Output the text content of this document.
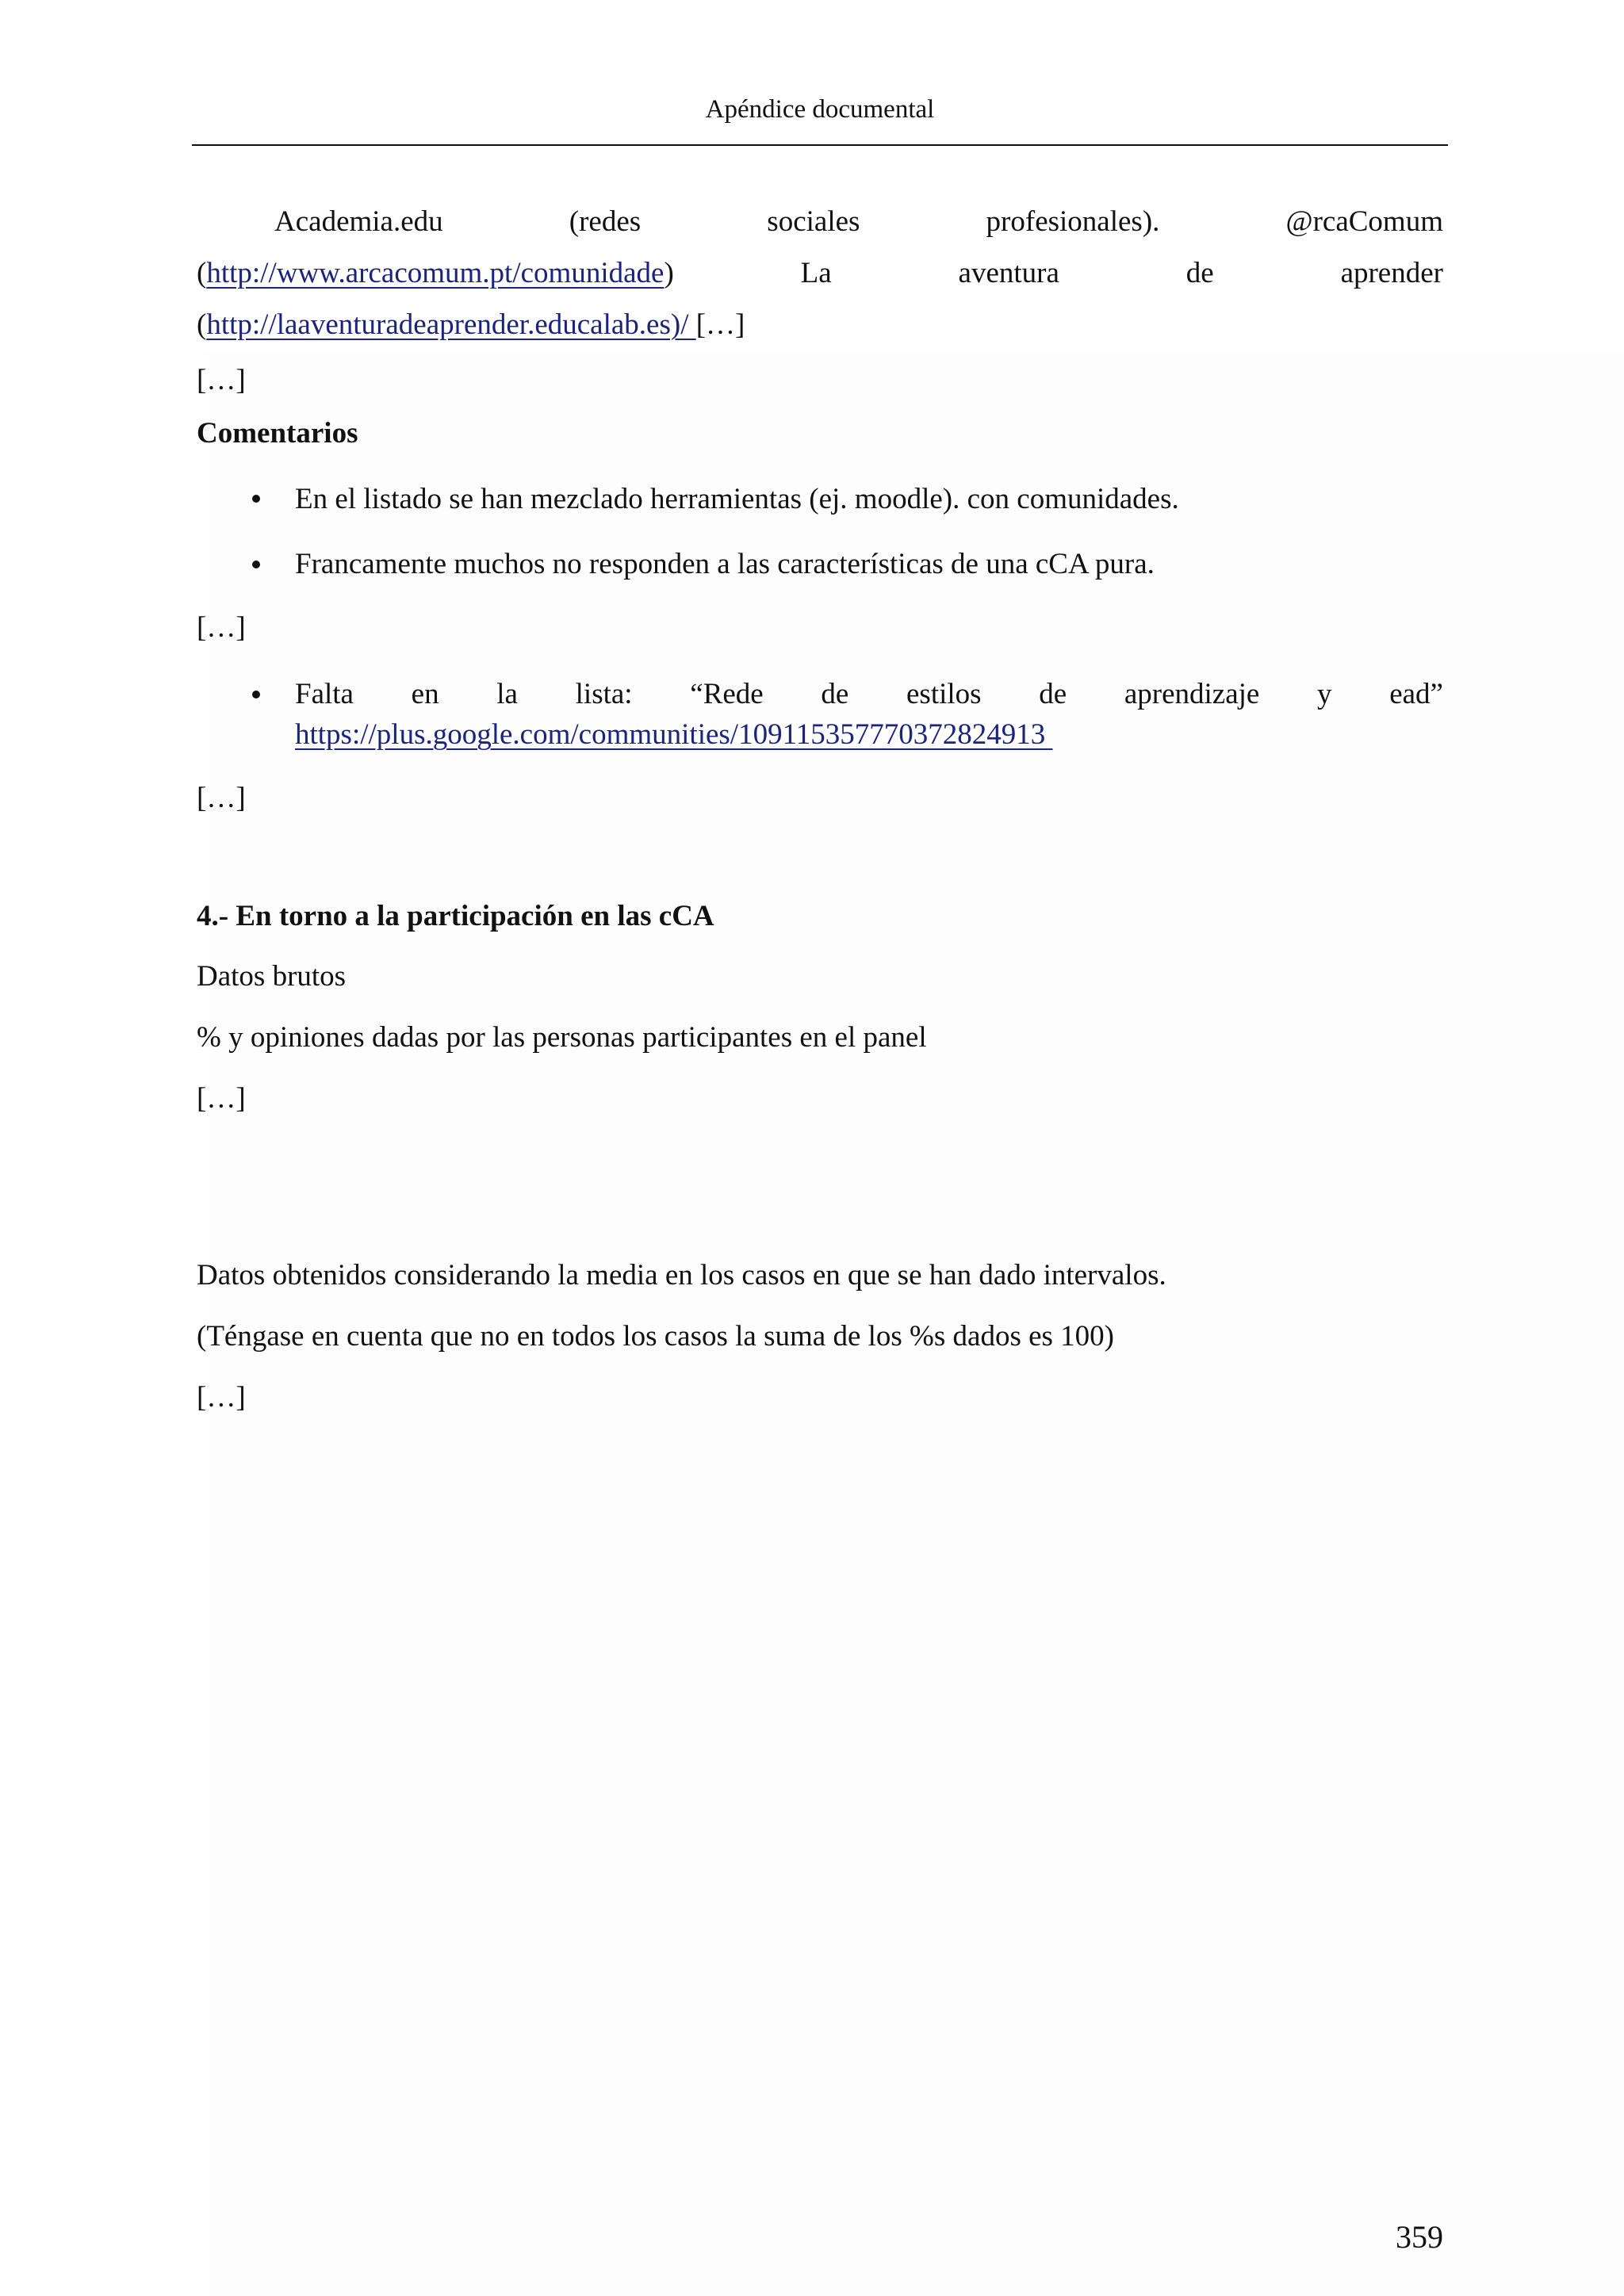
Apéndice documental
Academia.edu	(redes	sociales	profesionales).	@rcaComum
(http://www.arcacomum.pt/comunidade)	La	aventura	de	aprender
(http://laaventuradeaprender.educalab.es)/ […]
[…]
Comentarios
En el listado se han mezclado herramientas (ej. moodle). con comunidades.
Francamente muchos no responden a las características de una cCA pura.
[…]
Falta en la lista: “Rede de estilos de aprendizaje y ead”
https://plus.google.com/communities/109115357770372824913
[…]
4.- En torno a la participación en las cCA
Datos brutos
% y opiniones dadas por las personas participantes en el panel
[…]
Datos obtenidos considerando la media en los casos en que se han dado intervalos.
(Téngase en cuenta que no en todos los casos la suma de los %s dados es 100)
[…]
359
